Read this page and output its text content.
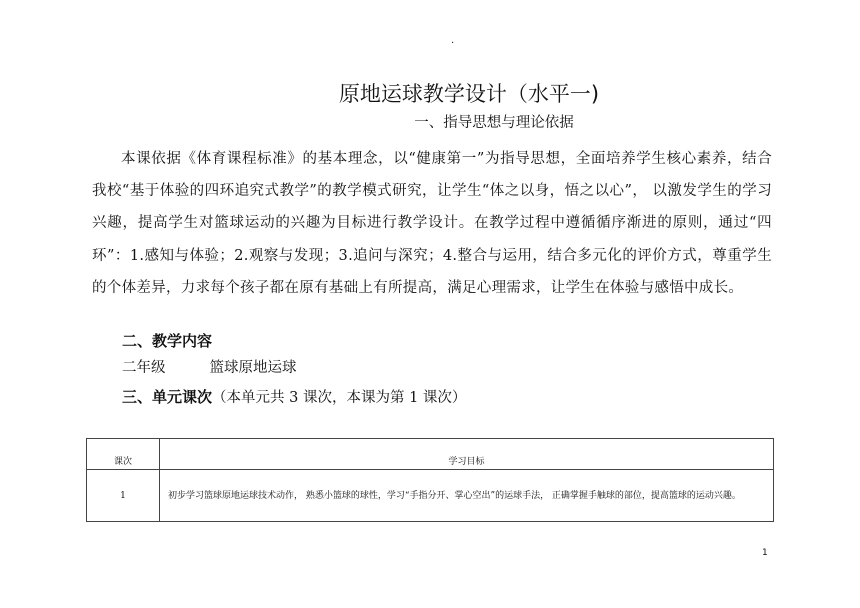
.
原地运球教学设计（水平一)
一、指导思想与理论依据

本课依据《体育课程标准》的基本理念，以“健康第一”为指导思想，全面培养学生核心素养，结合我校“基于体验的四环追究式教学”的教学模式研究，让学生“体之以身，悟之以心”， 以激发学生的学习兴趣，提高学生对篮球运动的兴趣为目标进行教学设计。在教学过程中遵循循序渐进的原则，通过“四环”：1.感知与体验；2.观察与发现；3.追问与深究；4.整合与运用，结合多元化的评价方式，尊重学生的个体差异，力求每个孩子都在原有基础上有所提高，满足心理需求，让学生在体验与感悟中成长。

二、教学内容
二年级	篮球原地运球
三、单元课次（本单元共 3 课次，本课为第 1 课次）
课次	学习目标
1	初步学习篮球原地运球技术动作， 熟悉小篮球的球性，学习“手指分开、掌心空出”的运球手法， 正确掌握手触球的部位，提高篮球的运动兴趣。
1
